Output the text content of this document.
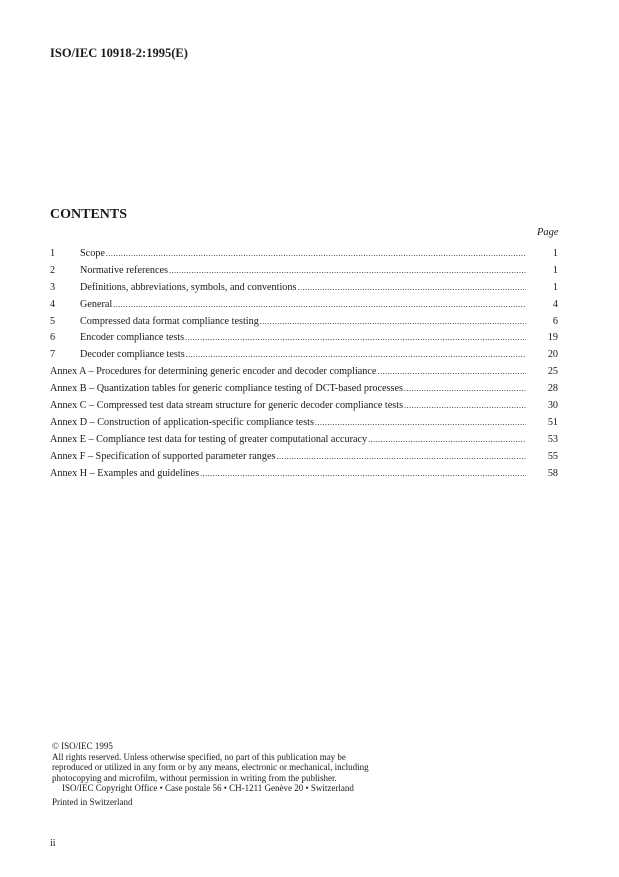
ISO/IEC 10918-2:1995(E)
CONTENTS
Page
1	Scope .....	1
2	Normative references .....	1
3	Definitions, abbreviations, symbols, and conventions .....	1
4	General .....	4
5	Compressed data format compliance testing .....	6
6	Encoder compliance tests .....	19
7	Decoder compliance tests .....	20
Annex A – Procedures for determining generic encoder and decoder compliance .....	25
Annex B – Quantization tables for generic compliance testing of DCT-based processes .....	28
Annex C – Compressed test data stream structure for generic decoder compliance tests .....	30
Annex D – Construction of application-specific compliance tests .....	51
Annex E – Compliance test data for testing of greater computational accuracy .....	53
Annex F – Specification of supported parameter ranges .....	55
Annex H – Examples and guidelines .....	58
© ISO/IEC 1995
All rights reserved. Unless otherwise specified, no part of this publication may be
reproduced or utilized in any form or by any means, electronic or mechanical, including
photocopying and microfilm, without permission in writing from the publisher.
ISO/IEC Copyright Office • Case postale 56 • CH-1211 Genève 20 • Switzerland
Printed in Switzerland
ii
